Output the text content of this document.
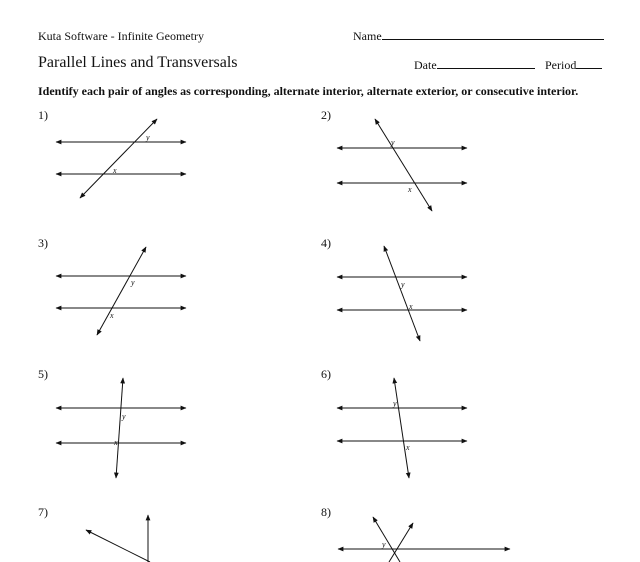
Kuta Software - Infinite Geometry	Name
Parallel Lines and Transversals	Date	Period
Identify each pair of angles as corresponding, alternate interior, alternate exterior, or consecutive interior.
1)	2)
3)	4)
5)	6)
7)	8)
y
x
y
x
y
x
y
x
y
x
y
x
y
